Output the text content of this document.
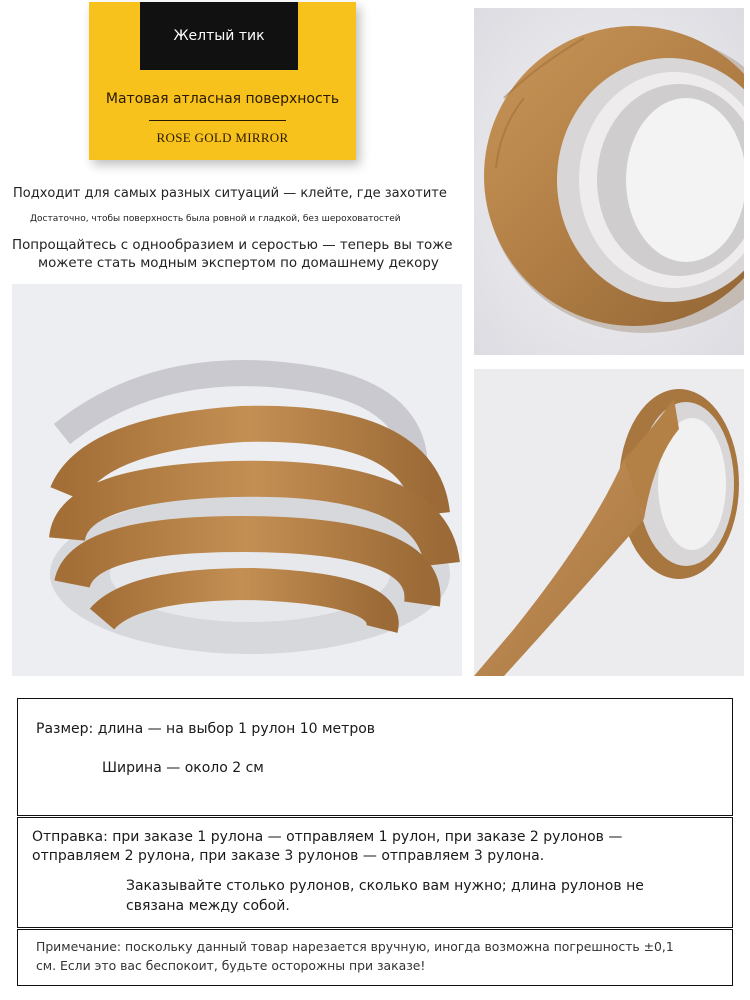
Желтый тик
Матовая атласная поверхность
ROSE GOLD MIRROR
Подходит для самых разных ситуаций — клейте, где захотите
Достаточно, чтобы поверхность была ровной и гладкой, без шероховатостей
Попрощайтесь с однообразием и серостью — теперь вы тоже
можете стать модным экспертом по домашнему декору
Размер: длина — на выбор 1 рулон 10 метров
Ширина — около 2 см
Отправка: при заказе 1 рулона — отправляем 1 рулон, при заказе 2 рулонов —
отправляем 2 рулона, при заказе 3 рулонов — отправляем 3 рулона.
Заказывайте столько рулонов, сколько вам нужно; длина рулонов не
связана между собой.
Примечание: поскольку данный товар нарезается вручную, иногда возможна погрешность ±0,1
см. Если это вас беспокоит, будьте осторожны при заказе!
